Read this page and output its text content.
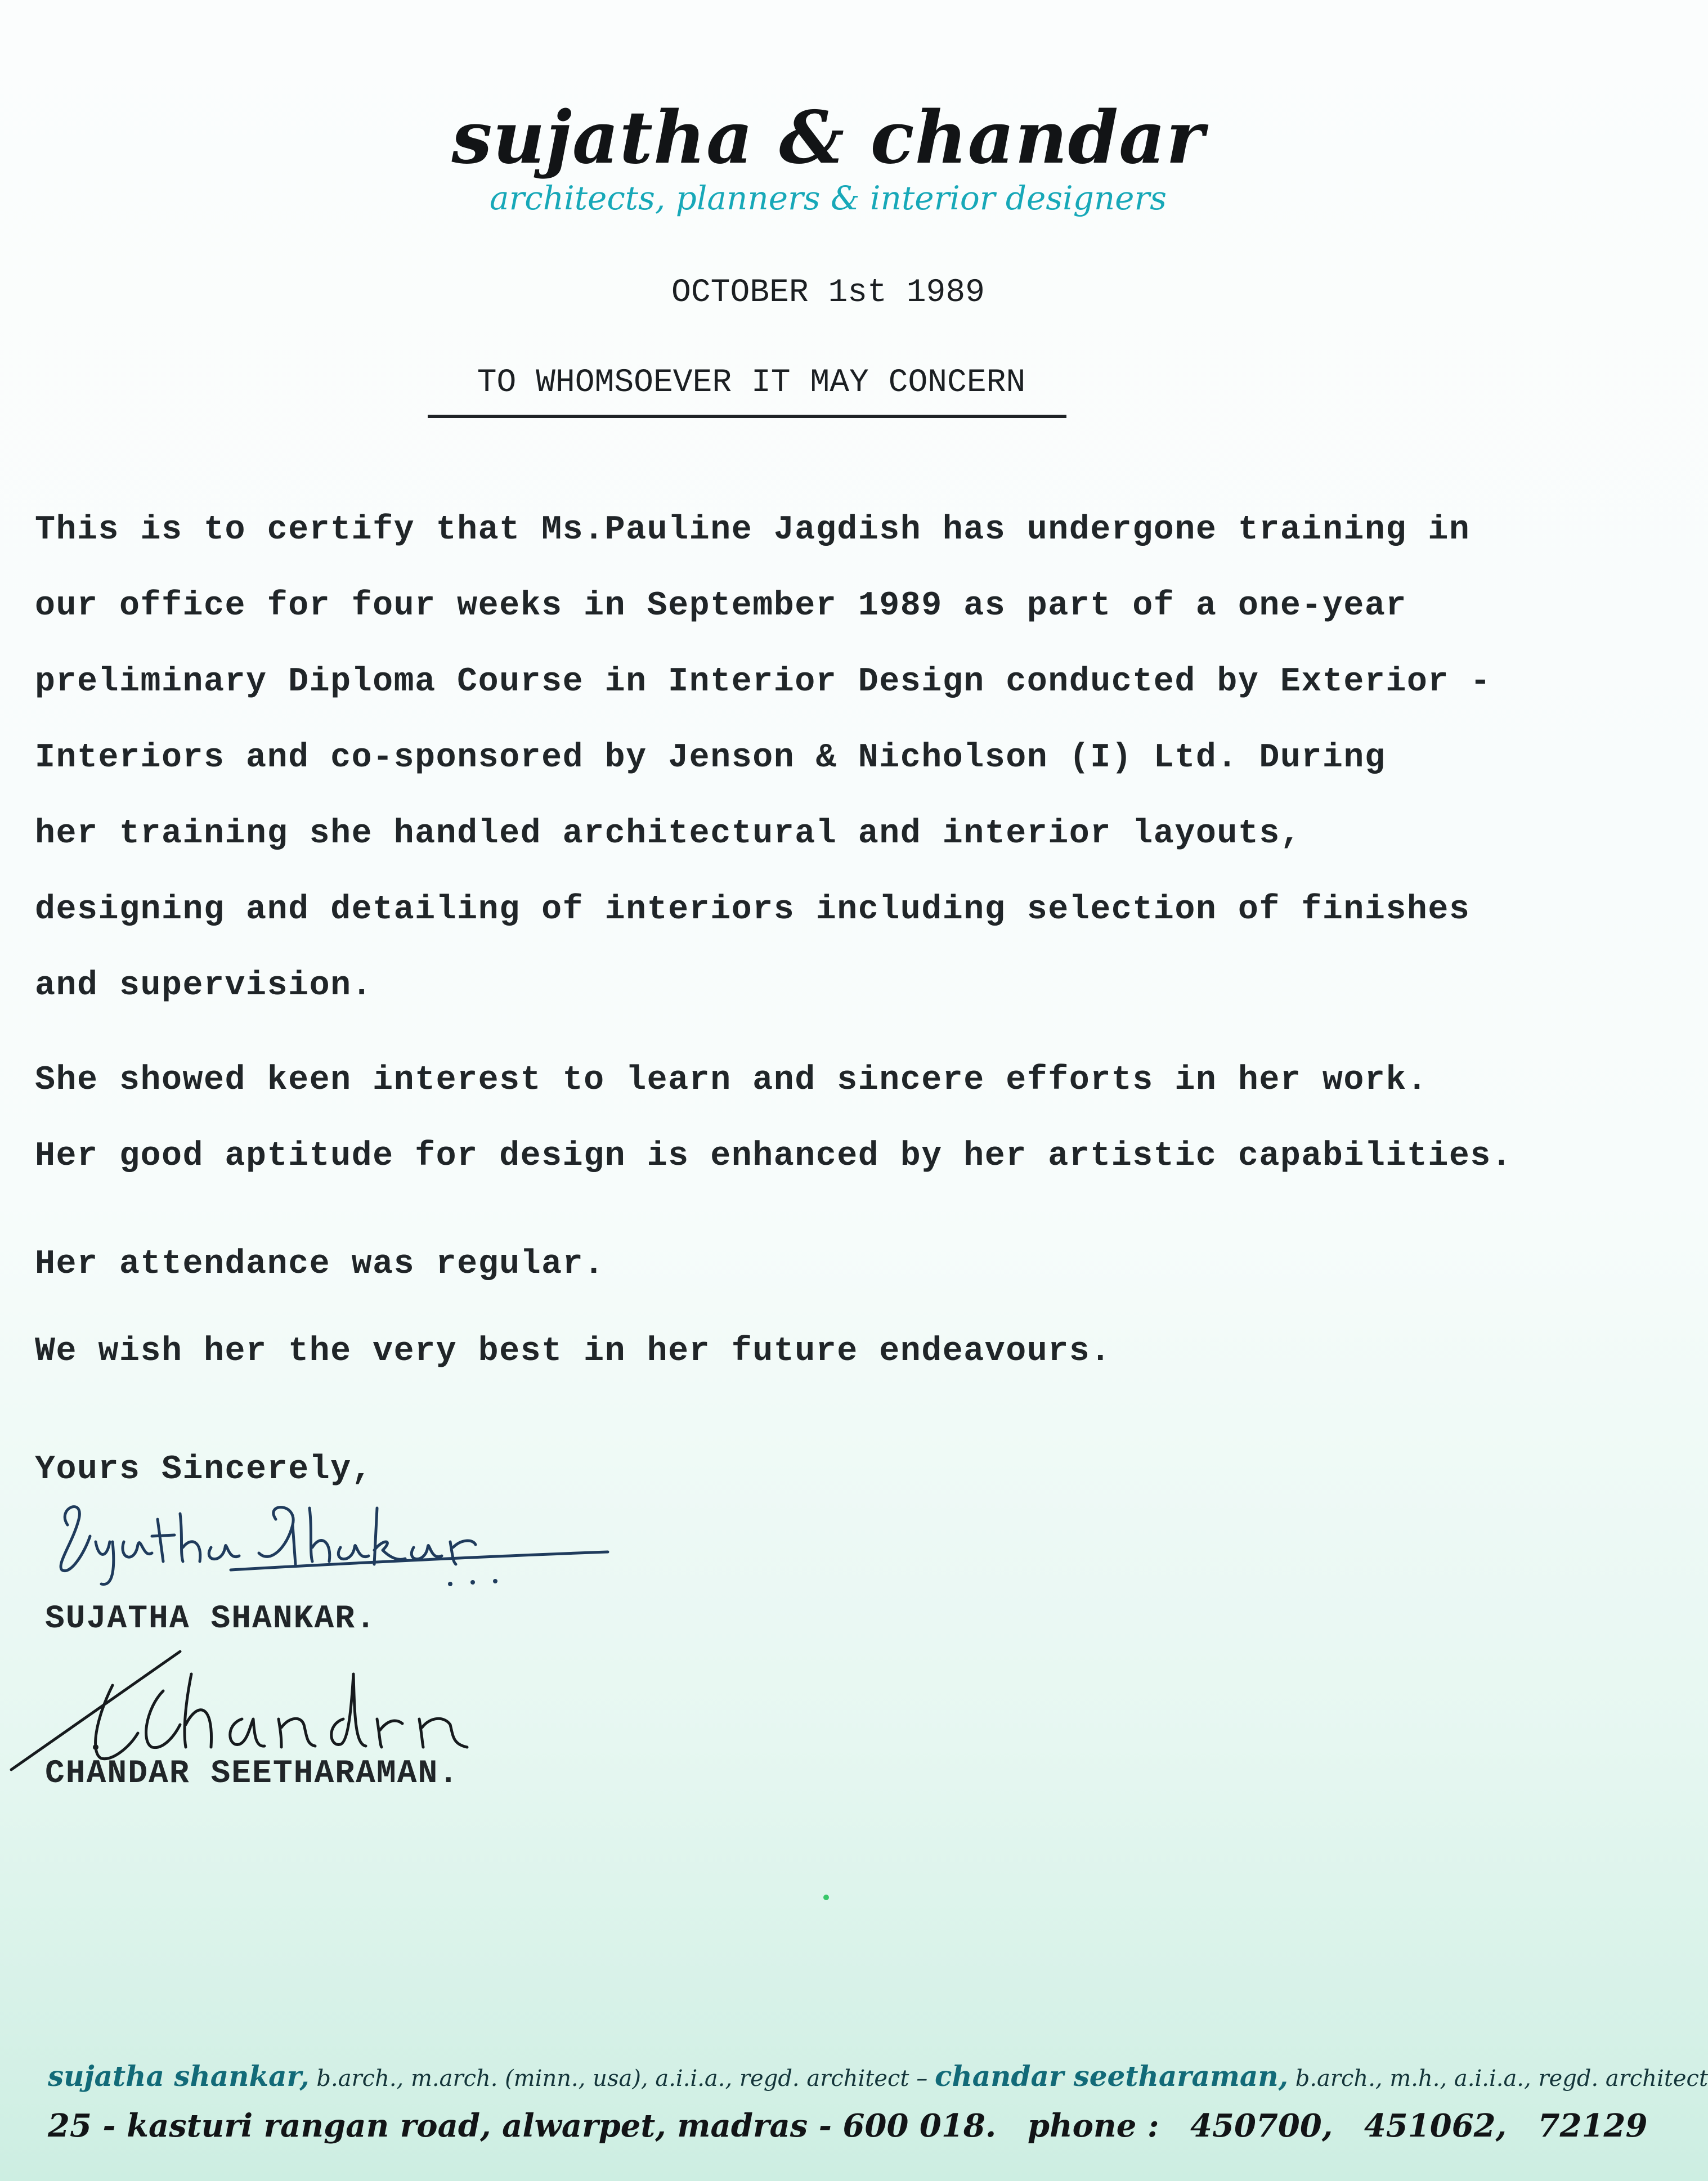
sujatha & chandar
architects, planners & interior designers
OCTOBER 1st 1989
TO WHOMSOEVER IT MAY CONCERN
This is to certify that Ms.Pauline Jagdish has undergone training in
our office for four weeks in September 1989 as part of a one-year
preliminary Diploma Course in Interior Design conducted by Exterior -
Interiors and co-sponsored by Jenson & Nicholson (I) Ltd. During
her training she handled architectural and interior layouts,
designing and detailing of interiors including selection of finishes
and supervision.
She showed keen interest to learn and sincere efforts in her work.
Her good aptitude for design is enhanced by her artistic capabilities.
Her attendance was regular.
We wish her the very best in her future endeavours.
Yours Sincerely,
SUJATHA SHANKAR.
CHANDAR SEETHARAMAN.
sujatha shankar, b.arch., m.arch. (minn., usa), a.i.i.a., regd. architect – chandar seetharaman, b.arch., m.h., a.i.i.a., regd. architect
25 - kasturi rangan road, alwarpet, madras - 600 018. phone : 450700, 451062, 72129
